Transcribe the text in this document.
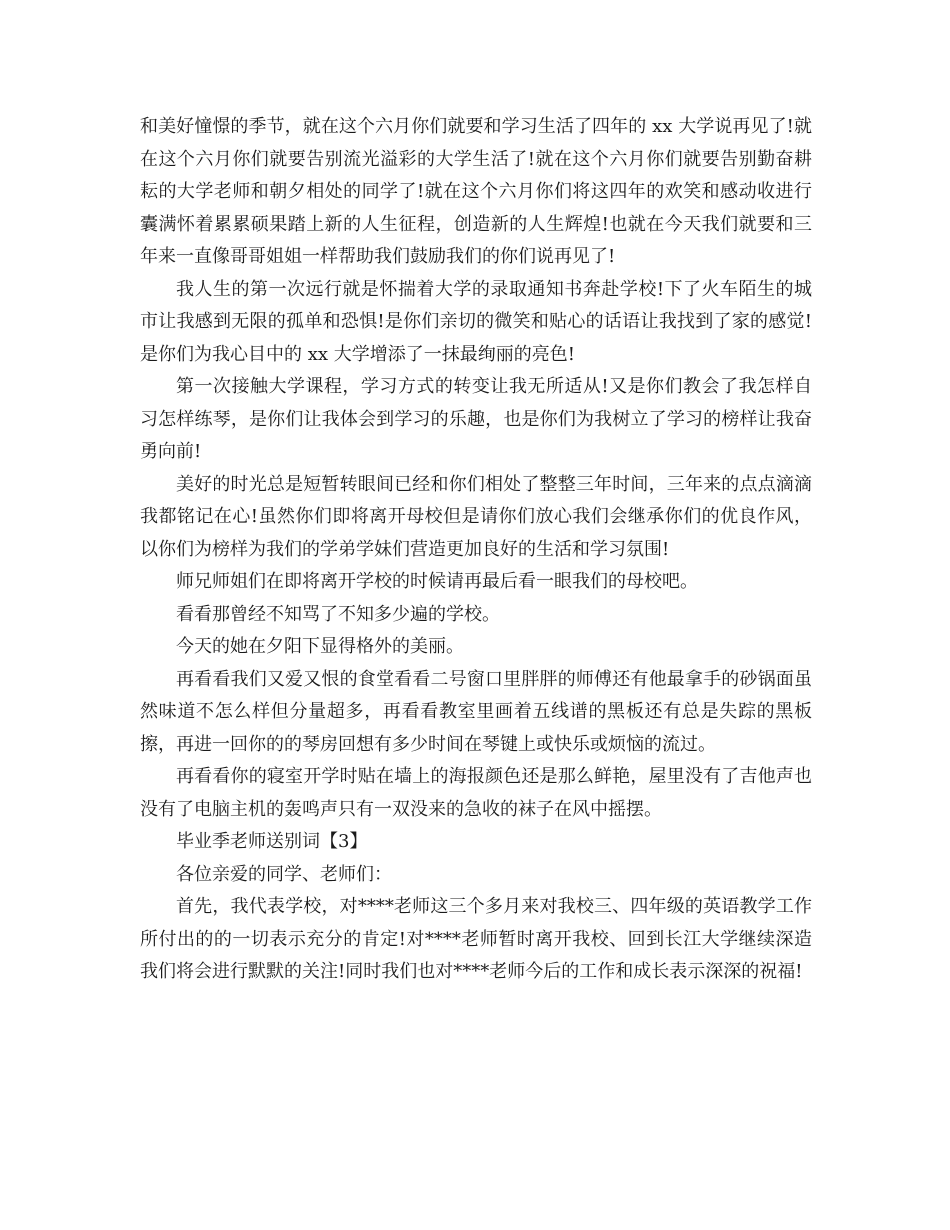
和美好憧憬的季节，就在这个六月你们就要和学习生活了四年的 xx 大学说再见了!就在这个六月你们就要告别流光溢彩的大学生活了!就在这个六月你们就要告别勤奋耕耘的大学老师和朝夕相处的同学了!就在这个六月你们将这四年的欢笑和感动收进行囊满怀着累累硕果踏上新的人生征程，创造新的人生辉煌!也就在今天我们就要和三年来一直像哥哥姐姐一样帮助我们鼓励我们的你们说再见了!

我人生的第一次远行就是怀揣着大学的录取通知书奔赴学校!下了火车陌生的城市让我感到无限的孤单和恐惧!是你们亲切的微笑和贴心的话语让我找到了家的感觉!是你们为我心目中的 xx 大学增添了一抹最绚丽的亮色!

第一次接触大学课程，学习方式的转变让我无所适从!又是你们教会了我怎样自习怎样练琴，是你们让我体会到学习的乐趣，也是你们为我树立了学习的榜样让我奋勇向前!

美好的时光总是短暂转眼间已经和你们相处了整整三年时间，三年来的点点滴滴我都铭记在心!虽然你们即将离开母校但是请你们放心我们会继承你们的优良作风，以你们为榜样为我们的学弟学妹们营造更加良好的生活和学习氛围!

师兄师姐们在即将离开学校的时候请再最后看一眼我们的母校吧。

看看那曾经不知骂了不知多少遍的学校。

今天的她在夕阳下显得格外的美丽。

再看看我们又爱又恨的食堂看看二号窗口里胖胖的师傅还有他最拿手的砂锅面虽然味道不怎么样但分量超多，再看看教室里画着五线谱的黑板还有总是失踪的黑板擦，再进一回你的的琴房回想有多少时间在琴键上或快乐或烦恼的流过。

再看看你的寝室开学时贴在墙上的海报颜色还是那么鲜艳，屋里没有了吉他声也没有了电脑主机的轰鸣声只有一双没来的急收的袜子在风中摇摆。

毕业季老师送别词【3】

各位亲爱的同学、老师们：

首先，我代表学校，对****老师这三个多月来对我校三、四年级的英语教学工作所付出的的一切表示充分的肯定!对****老师暂时离开我校、回到长江大学继续深造我们将会进行默默的关注!同时我们也对****老师今后的工作和成长表示深深的祝福!
